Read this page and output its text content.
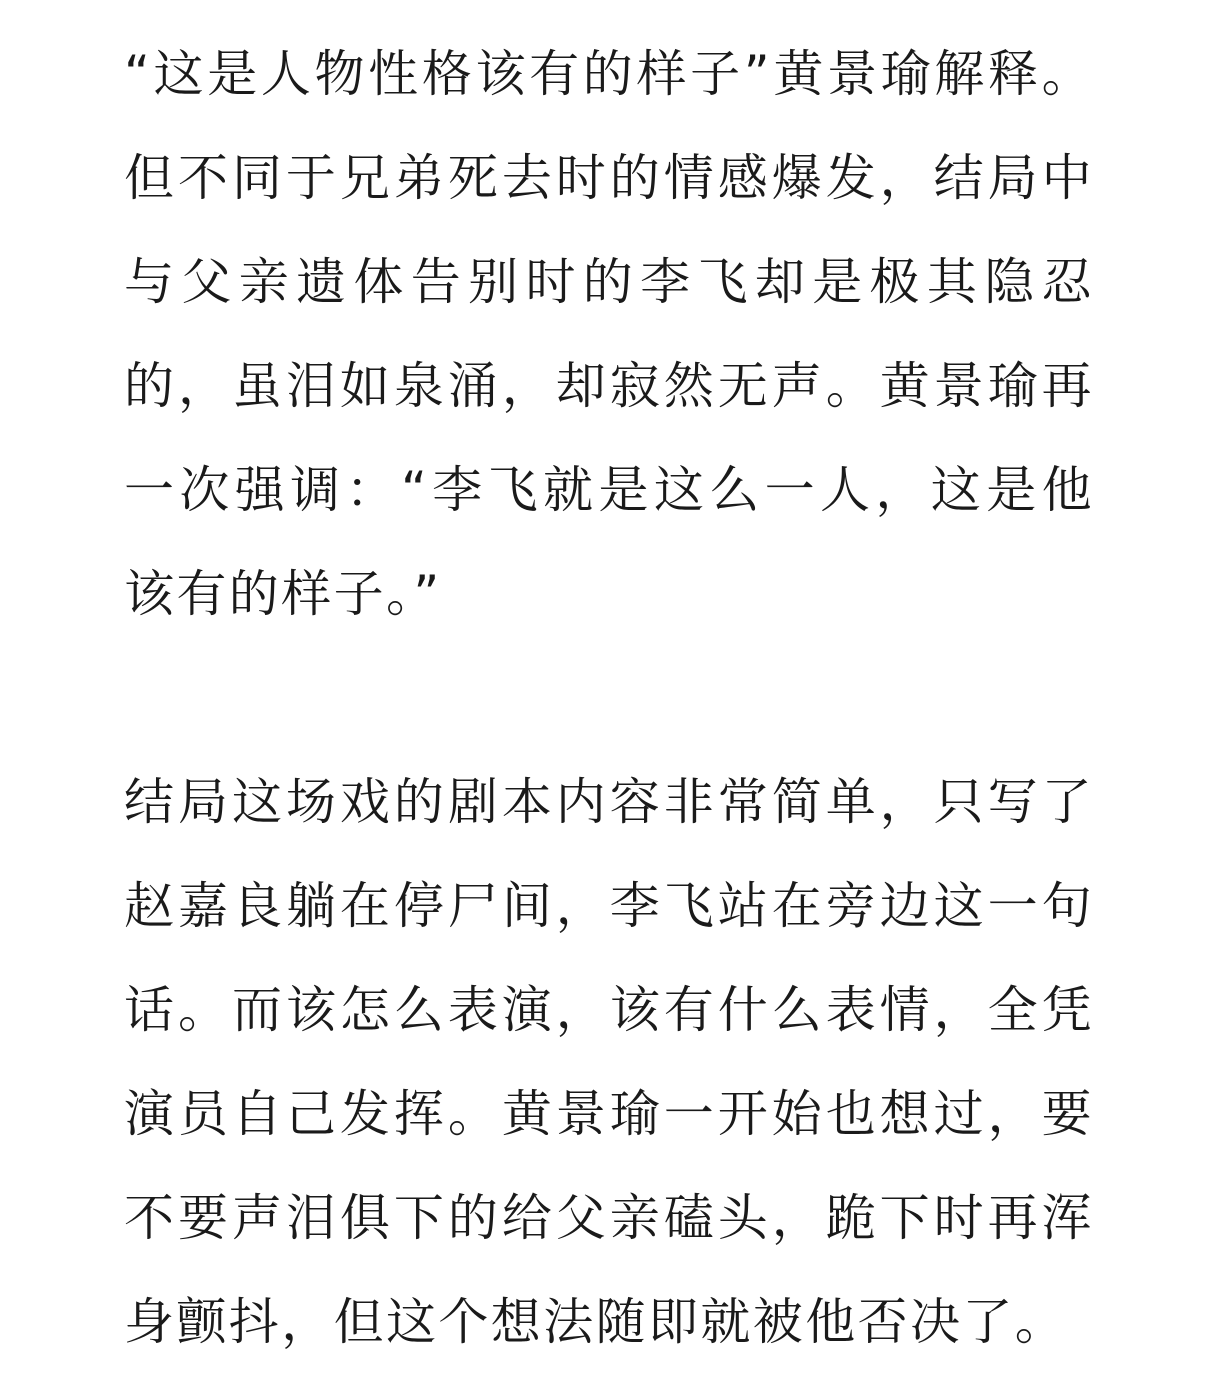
“这是人物性格该有的样子”黄景瑜解释。但不同于兄弟死去时的情感爆发，结局中与父亲遗体告别时的李飞却是极其隐忍的，虽泪如泉涌，却寂然无声。黄景瑜再一次强调：“李飞就是这么一人，这是他该有的样子。”

结局这场戏的剧本内容非常简单，只写了赵嘉良躺在停尸间，李飞站在旁边这一句话。而该怎么表演，该有什么表情，全凭演员自己发挥。黄景瑜一开始也想过，要不要声泪俱下的给父亲磕头，跪下时再浑身颤抖，但这个想法随即就被他否决了。
